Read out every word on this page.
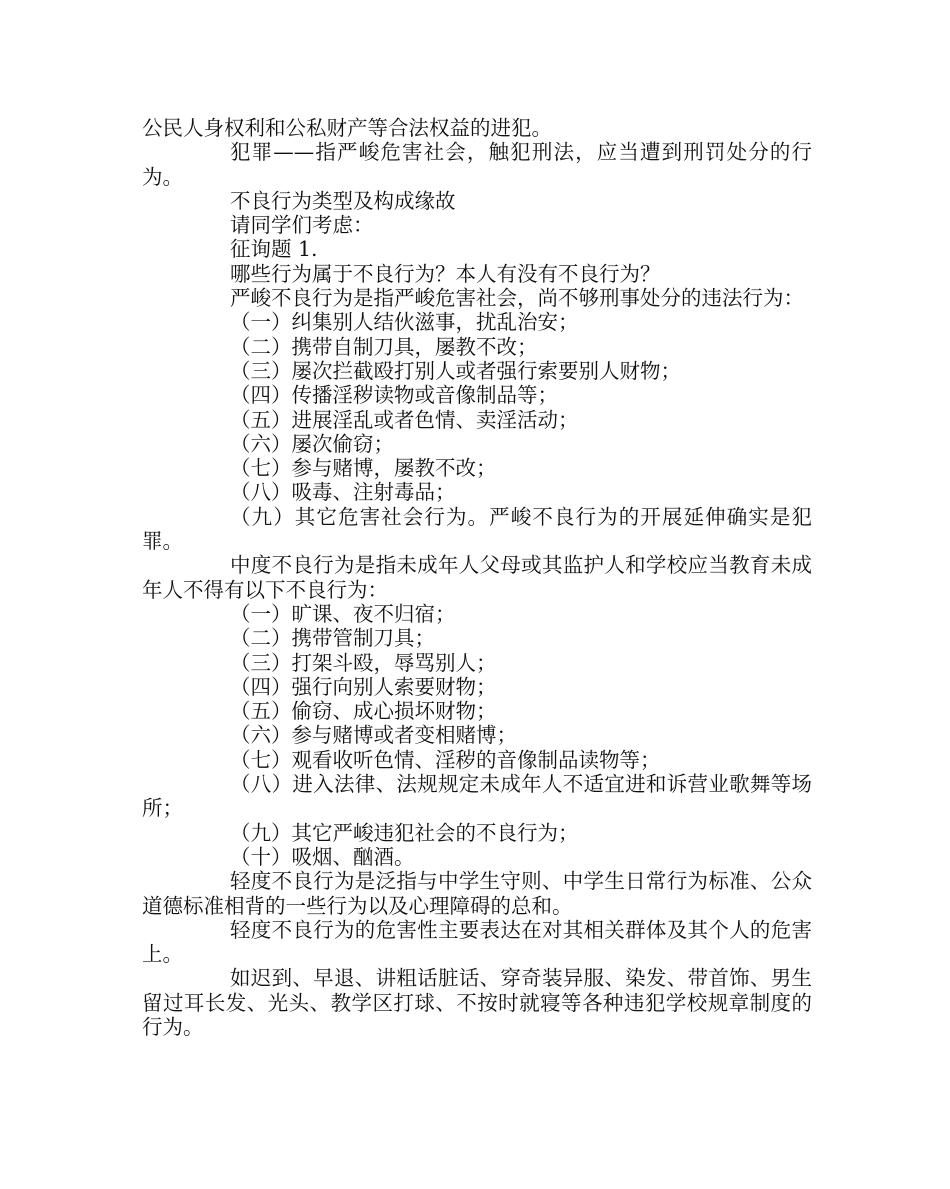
公民人身权利和公私财产等合法权益的进犯。

犯罪——指严峻危害社会，触犯刑法，应当遭到刑罚处分的行为。

不良行为类型及构成缘故

请同学们考虑：

征询题 1.

哪些行为属于不良行为？本人有没有不良行为？

严峻不良行为是指严峻危害社会，尚不够刑事处分的违法行为：

（一）纠集别人结伙滋事，扰乱治安；

（二）携带自制刀具，屡教不改；

（三）屡次拦截殴打别人或者强行索要别人财物；

（四）传播淫秽读物或音像制品等；

（五）进展淫乱或者色情、卖淫活动；

（六）屡次偷窃；

（七）参与赌博，屡教不改；

（八）吸毒、注射毒品；

（九）其它危害社会行为。严峻不良行为的开展延伸确实是犯罪。

中度不良行为是指未成年人父母或其监护人和学校应当教育未成年人不得有以下不良行为：

（一）旷课、夜不归宿；

（二）携带管制刀具；

（三）打架斗殴，辱骂别人；

（四）强行向别人索要财物；

（五）偷窃、成心损坏财物；

（六）参与赌博或者变相赌博；

（七）观看收听色情、淫秽的音像制品读物等；

（八）进入法律、法规规定未成年人不适宜进和诉营业歌舞等场所；

（九）其它严峻违犯社会的不良行为；

（十）吸烟、酗酒。

轻度不良行为是泛指与中学生守则、中学生日常行为标准、公众道德标准相背的一些行为以及心理障碍的总和。

轻度不良行为的危害性主要表达在对其相关群体及其个人的危害上。

如迟到、早退、讲粗话脏话、穿奇装异服、染发、带首饰、男生留过耳长发、光头、教学区打球、不按时就寝等各种违犯学校规章制度的行为。
